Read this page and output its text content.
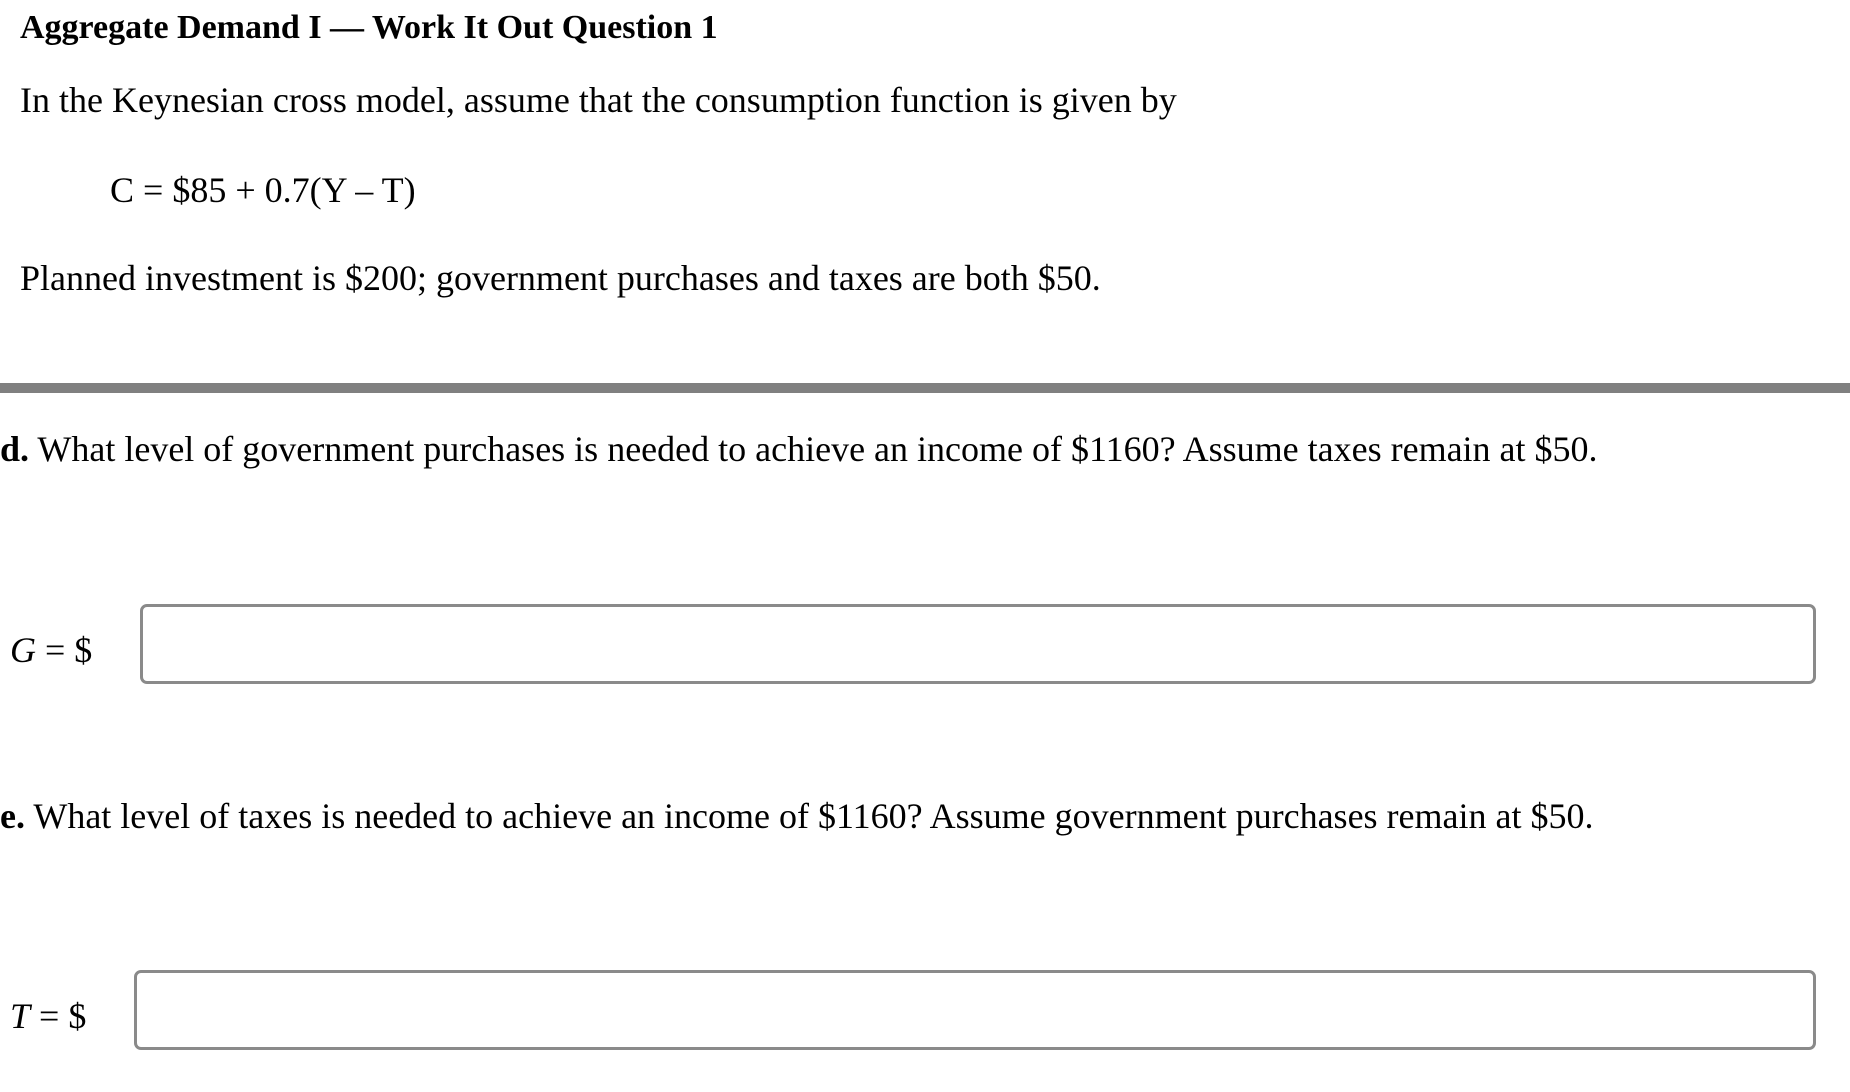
Aggregate Demand I — Work It Out Question 1
In the Keynesian cross model, assume that the consumption function is given by
C = $85 + 0.7(Y – T)
Planned investment is $200; government purchases and taxes are both $50.
d. What level of government purchases is needed to achieve an income of $1160? Assume taxes remain at $50.
G = $
e. What level of taxes is needed to achieve an income of $1160? Assume government purchases remain at $50.
T = $
